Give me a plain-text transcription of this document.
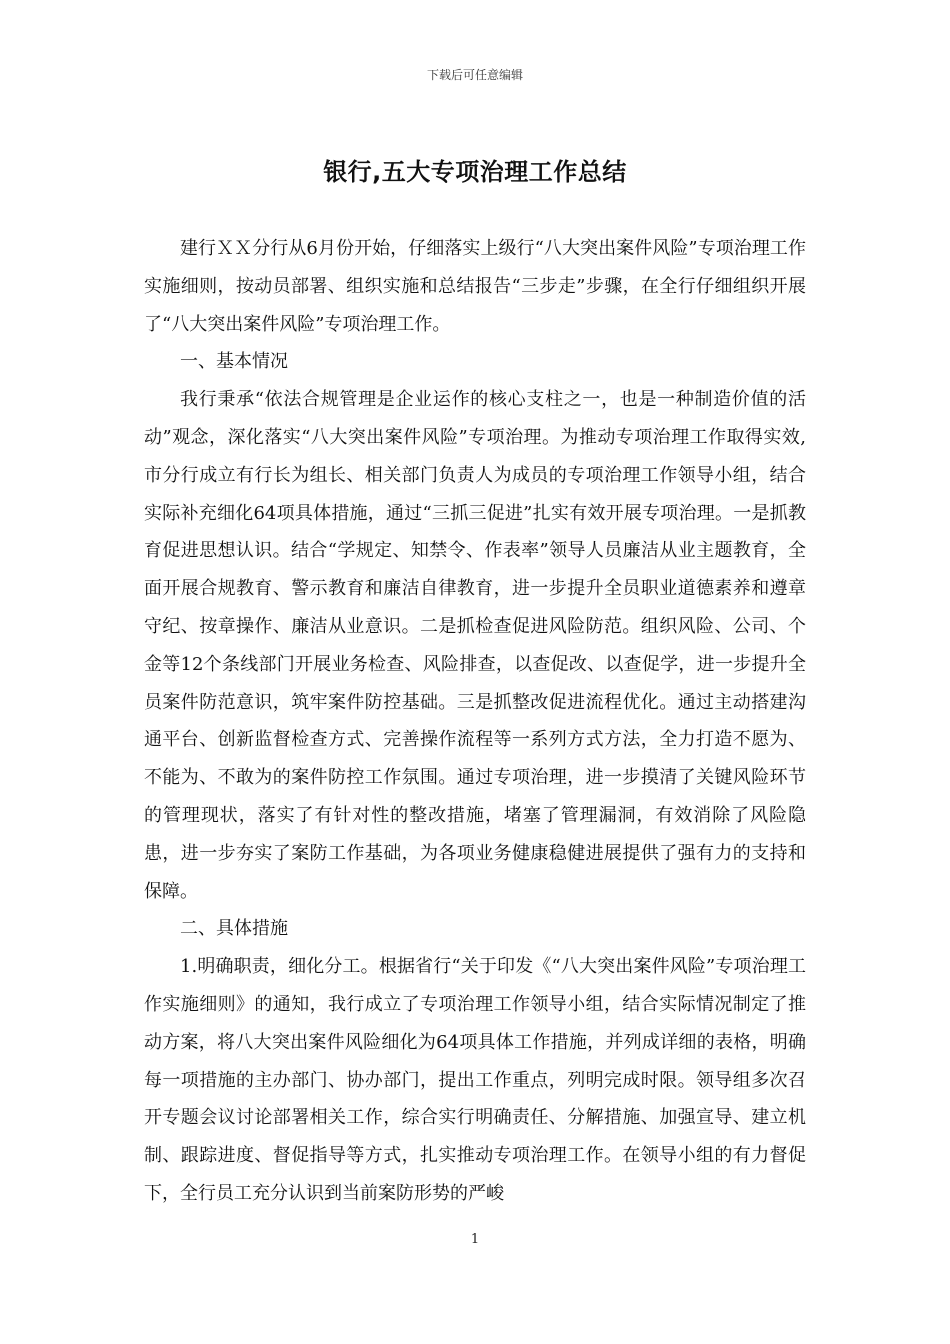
下载后可任意编辑
银行,五大专项治理工作总结

建行ＸＸ分行从6月份开始，仔细落实上级行“八大突出案件风险”专项治理工作实施细则，按动员部署、组织实施和总结报告“三步走”步骤，在全行仔细组织开展了“八大突出案件风险”专项治理工作。

一、基本情况

我行秉承“依法合规管理是企业运作的核心支柱之一，也是一种制造价值的活动”观念，深化落实“八大突出案件风险”专项治理。为推动专项治理工作取得实效,市分行成立有行长为组长、相关部门负责人为成员的专项治理工作领导小组，结合实际补充细化64项具体措施，通过“三抓三促进”扎实有效开展专项治理。一是抓教育促进思想认识。结合“学规定、知禁令、作表率”领导人员廉洁从业主题教育，全面开展合规教育、警示教育和廉洁自律教育，进一步提升全员职业道德素养和遵章守纪、按章操作、廉洁从业意识。二是抓检查促进风险防范。组织风险、公司、个金等12个条线部门开展业务检查、风险排查，以查促改、以查促学，进一步提升全员案件防范意识，筑牢案件防控基础。三是抓整改促进流程优化。通过主动搭建沟通平台、创新监督检查方式、完善操作流程等一系列方式方法，全力打造不愿为、不能为、不敢为的案件防控工作氛围。通过专项治理，进一步摸清了关键风险环节的管理现状，落实了有针对性的整改措施，堵塞了管理漏洞，有效消除了风险隐患，进一步夯实了案防工作基础，为各项业务健康稳健进展提供了强有力的支持和保障。

二、具体措施

1.明确职责，细化分工。根据省行“关于印发《“八大突出案件风险”专项治理工作实施细则》的通知，我行成立了专项治理工作领导小组，结合实际情况制定了推动方案，将八大突出案件风险细化为64项具体工作措施，并列成详细的表格，明确每一项措施的主办部门、协办部门，提出工作重点，列明完成时限。领导组多次召开专题会议讨论部署相关工作，综合实行明确责任、分解措施、加强宣导、建立机制、跟踪进度、督促指导等方式，扎实推动专项治理工作。在领导小组的有力督促下，全行员工充分认识到当前案防形势的严峻

1
